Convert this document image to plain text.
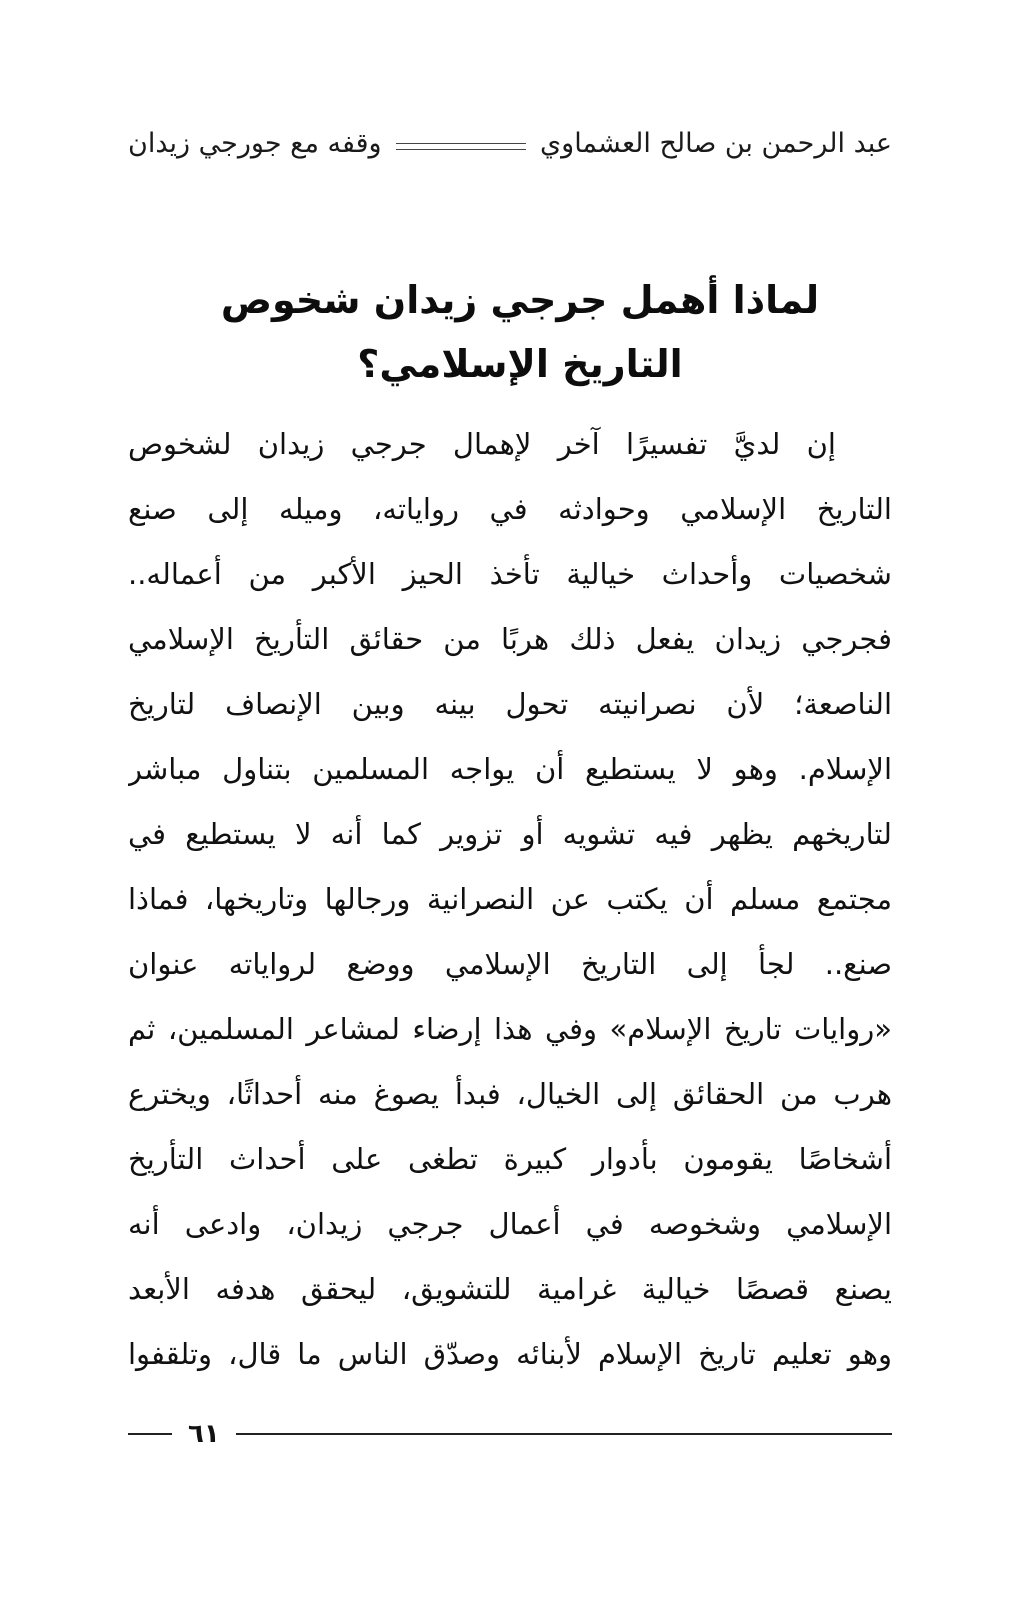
عبد الرحمن بن صالح العشماوي
وقفه مع جورجي زيدان
لماذا أهمل جرجي زيدان شخوص
التاريخ الإسلامي؟
إن لديَّ تفسيرًا آخر لإهمال جرجي زيدان لشخوص
التاريخ الإسلامي وحوادثه في رواياته، وميله إلى صنع
شخصيات وأحداث خيالية تأخذ الحيز الأكبر من أعماله..
فجرجي زيدان يفعل ذلك هربًا من حقائق التأريخ الإسلامي
الناصعة؛ لأن نصرانيته تحول بينه وبين الإنصاف لتاريخ
الإسلام. وهو لا يستطيع أن يواجه المسلمين بتناول مباشر
لتاريخهم يظهر فيه تشويه أو تزوير كما أنه لا يستطيع في
مجتمع مسلم أن يكتب عن النصرانية ورجالها وتاريخها، فماذا
صنع.. لجأ إلى التاريخ الإسلامي ووضع لرواياته عنوان
«روايات تاريخ الإسلام» وفي هذا إرضاء لمشاعر المسلمين، ثم
هرب من الحقائق إلى الخيال، فبدأ يصوغ منه أحداثًا، ويخترع
أشخاصًا يقومون بأدوار كبيرة تطغى على أحداث التأريخ
الإسلامي وشخوصه في أعمال جرجي زيدان، وادعى أنه
يصنع قصصًا خيالية غرامية للتشويق، ليحقق هدفه الأبعد
وهو تعليم تاريخ الإسلام لأبنائه وصدّق الناس ما قال، وتلقفوا
٦١
